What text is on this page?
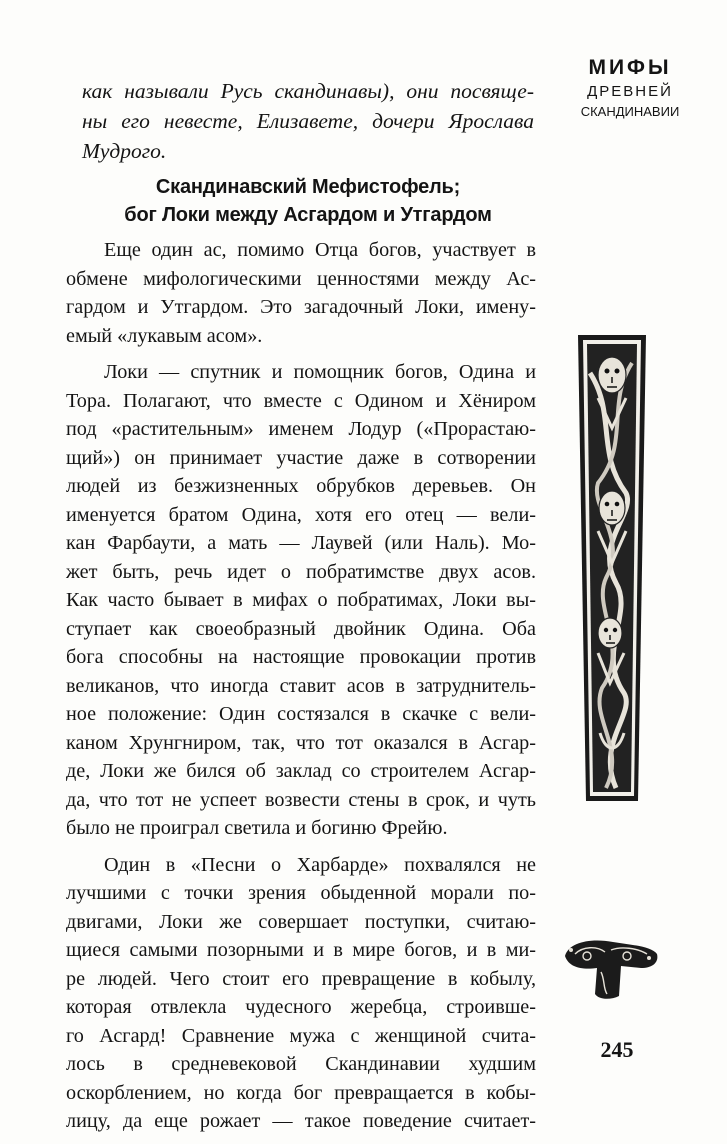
МИФЫ
ДРЕВНЕЙ
СКАНДИНАВИИ
как называли Русь скандинавы), они посвяще-
ны его невесте, Елизавете, дочери Ярослава
Мудрого.
Скандинавский Мефистофель;
бог Локи между Асгардом и Утгардом
Еще один ас, помимо Отца богов, участвует в
обмене мифологическими ценностями между Ас-
гардом и Утгардом. Это загадочный Локи, имену-
емый «лукавым асом».
Локи — спутник и помощник богов, Одина и
Тора. Полагают, что вместе с Одином и Хёниром
под «растительным» именем Лодур («Прорастаю-
щий») он принимает участие даже в сотворении
людей из безжизненных обрубков деревьев. Он
именуется братом Одина, хотя его отец — вели-
кан Фарбаути, а мать — Лаувей (или Наль). Мо-
жет быть, речь идет о побратимстве двух асов.
Как часто бывает в мифах о побратимах, Локи вы-
ступает как своеобразный двойник Одина. Оба
бога способны на настоящие провокации против
великанов, что иногда ставит асов в затруднитель-
ное положение: Один состязался в скачке с вели-
каном Хрунгниром, так, что тот оказался в Асгар-
де, Локи же бился об заклад со строителем Асгар-
да, что тот не успеет возвести стены в срок, и чуть
было не проиграл светила и богиню Фрейю.
Один в «Песни о Харбарде» похвалялся не
лучшими с точки зрения обыденной морали по-
двигами, Локи же совершает поступки, считаю-
щиеся самыми позорными и в мире богов, и в ми-
ре людей. Чего стоит его превращение в кобылу,
которая отвлекла чудесного жеребца, строивше-
го Асгард! Сравнение мужа с женщиной счита-
лось в средневековой Скандинавии худшим
оскорблением, но когда бог превращается в кобы-
лицу, да еще рожает — такое поведение считает-
245
